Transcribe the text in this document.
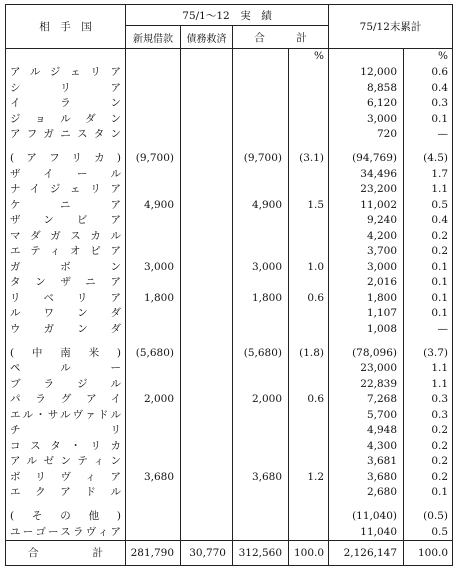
相　手　国	75/1〜12　実　績				75/12末累計	
	新規借款	債務救済	合　　　計			
				%		%
アルジェリア					12,000	0.6
シリア					8,858	0.4
イラン					6,120	0.3
ジョルダン					3,000	0.1
アフガニスタン					720	—

(アフリカ)	(9,700)		(9,700)	(3.1)	(94,769)	(4.5)
ザイール					34,496	1.7
ナイジェリア					23,200	1.1
ケニア	4,900		4,900	1.5	11,002	0.5
ザンビア					9,240	0.4
マダガスカル					4,200	0.2
エティオピア					3,700	0.2
ガボン	3,000		3,000	1.0	3,000	0.1
タンザニア					2,016	0.1
リベリア	1,800		1,800	0.6	1,800	0.1
ルワンダ					1,107	0.1
ウガンダ					1,008	—

(中南米)	(5,680)		(5,680)	(1.8)	(78,096)	(3.7)
ペルー					23,000	1.1
ブラジル					22,839	1.1
パラグアイ	2,000		2,000	0.6	7,268	0.3
エル・サルヴァドル					5,700	0.3
チリ					4,948	0.2
コスタ・リカ					4,300	0.2
アルゼンティン					3,681	0.2
ボリヴィア	3,680		3,680	1.2	3,680	0.2
エクアドル					2,680	0.1

(その他)					(11,040)	(0.5)
ユーゴースラヴィア					11,040	0.5
合　　　計	281,790	30,770	312,560	100.0	2,126,147	100.0
